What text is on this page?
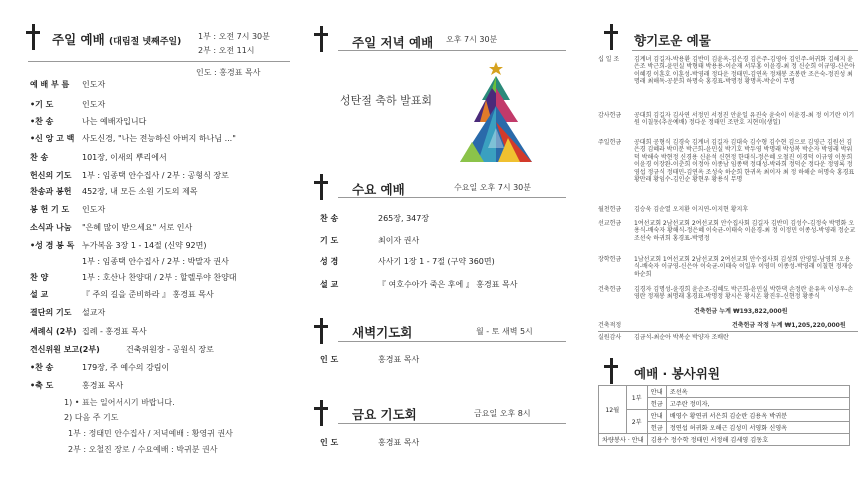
주일 예배 (대림절 넷째주일)
1부 : 오전 7시 30분
2부 : 오전 11시
인도 : 홍경표 목사
예 배 부 름 인도자
•기 도	인도자
•찬 송	나는 예배자입니다
•신 앙 고 백 사도신경, "나는 전능하신 아버지 하나님 ..."
찬 송	101장, 이새의 뿌리에서
헌신의 기도 1부 : 임종택 안수집사 / 2부 : 공형식 장로
찬송과 봉헌 452장, 내 모든 소원 기도의 제목
봉 헌 기 도 인도자
소식과 나눔 "은혜 많이 받으세요" 서로 인사
•성 경 봉 독 누가복음 3장 1 - 14절 (신약 92면)
1부 : 임종택 안수집사 / 2부 : 박말자 권사
찬 양	1부 : 호산나 찬양대 / 2부 : 할렐루야 찬양대
설 교	『 주의 길을 준비하라 』 홍경표 목사
결단의 기도 설교자
세례식 (2부) 집례 - 홍경표 목사
견신위원 보고(2부)	건축위원장 - 공원식 장로
•찬 송	179장, 주 예수의 강림이
•축 도	홍경표 목사
1) • 표는 일어서시기 바랍니다.
2) 다음 주 기도
1부 : 정태민 안수집사 / 저녁예배 : 황영귀 권사
2부 : 오철진 장로 / 수요예배 : 박귀분 권사
주일 저녁 예배 오후 7시 30분
성탄절 축하 발표회
수요 예배	수요일 오후 7시 30분
찬 송	265장, 347장
기 도	최이자 권사
성 경	사사기 1장 1 - 7절 (구약 360면)
설 교	『 여호수아가 죽은 후에 』 홍경표 목사
새벽기도회	월 - 토 새벽 5시
인 도	홍경표 목사
금요 기도회	금요일 오후 8시
인 도	홍경표 목사
향기로운 예물
십 일 조 김계녀 김길자-박용환 김반미 김윤옥-김은경 김은주-김영아 김인주-허귀화 김해지 윤은조 박근희-윤민실 박형태 박용용-이순재 서부홍 이윤경-최 정 신순희 이규영-신은아 이혜경 이훈호 이훈성-박영래 정다운 정태민-김연옥 정채봉 조봉란 조은숙-정진성 최명래 최해독-공분희 하명숙 홍경표-박명정 황명옥-박순이 무명
감사헌금 공대희 김길자 김사연 서정민 서정진 안윤일 유진숙 윤숙이 이윤경-최 정 이기란 이기원 이칠동(추운예배) 정다운 정태민 조만호 지현미(생일)
주일헌금 공대희 공형식 김경숙 김계녀 김길자 김대숙 김수형 김수현 김으로 김영근 김원선 김은경 김혜라 박미분 박근희-윤민실 박기호 박두영 박명래 박성복 박순자 박영래 박위덕 박해숙 박현정 신경용 신윤석 신현정 한대식-정은혜 오철진 이경덕 이규영 이동희 이윤경 이장완-이춘희 이정아 이종남 임종택 정대성-박라희 정덕순 정다운 정영록 정영섭 정규식 정태민-김연옥 조성숙 하순희 한귀옥 최이자 최 정 하해순 허명숙 홍경표 황만래 황임수-김인순 황현우 황용식 무명
월천헌금 김승욱 김순열 오지환 이지연-이지현 황지후
선교헌금 1여선교회 2남선교회 2여선교회 안수집사회 김길자 김반미 김성수-김정숙 박명화 오용식-배숙자 황해식-정은혜 이숙균-이태숙 이윤경-최 정 이정민 이종성-박영래 정순교 조선숙 하귀희 홍경표-박명정
장학헌금 1남선교회 1여선교회 2남선교회 2여선교회 안수집사회 김성희 안영일-남영희 오용식-배숙자 이규영-신은아 이숙균-이태숙 이일우 이영미 이종성-박영래 이칠현 정재승 하순희
건축헌금 김경자 김명성-윤경희 윤순조-김혜도 박근희-윤민실 박한댁 손정란 윤유옥 이성우-손영란 정재봉 최명래 홍경표-박명정 황시은 황시온 황진우-신현정 황종식
건축헌금 누계 ₩193,822,000원
건축적정	건축헌금 작정 누계 ₩1,205,220,000원
실원감사 김금석-최순아 박복순 박양자 조배란
예배 · 봉사위원
12월	1부	안내	조선옥
		헌금	고주란 정미자,
	2부	안내	배영수 황연귀 서은희 김순란 김용옥 박귀분
		헌금	정연섭 허귀화 오해근 김성미 서영화 신영옥
차량봉사 · 안내		김용수 정수학 정태민 서정해 김세영 김동호	
